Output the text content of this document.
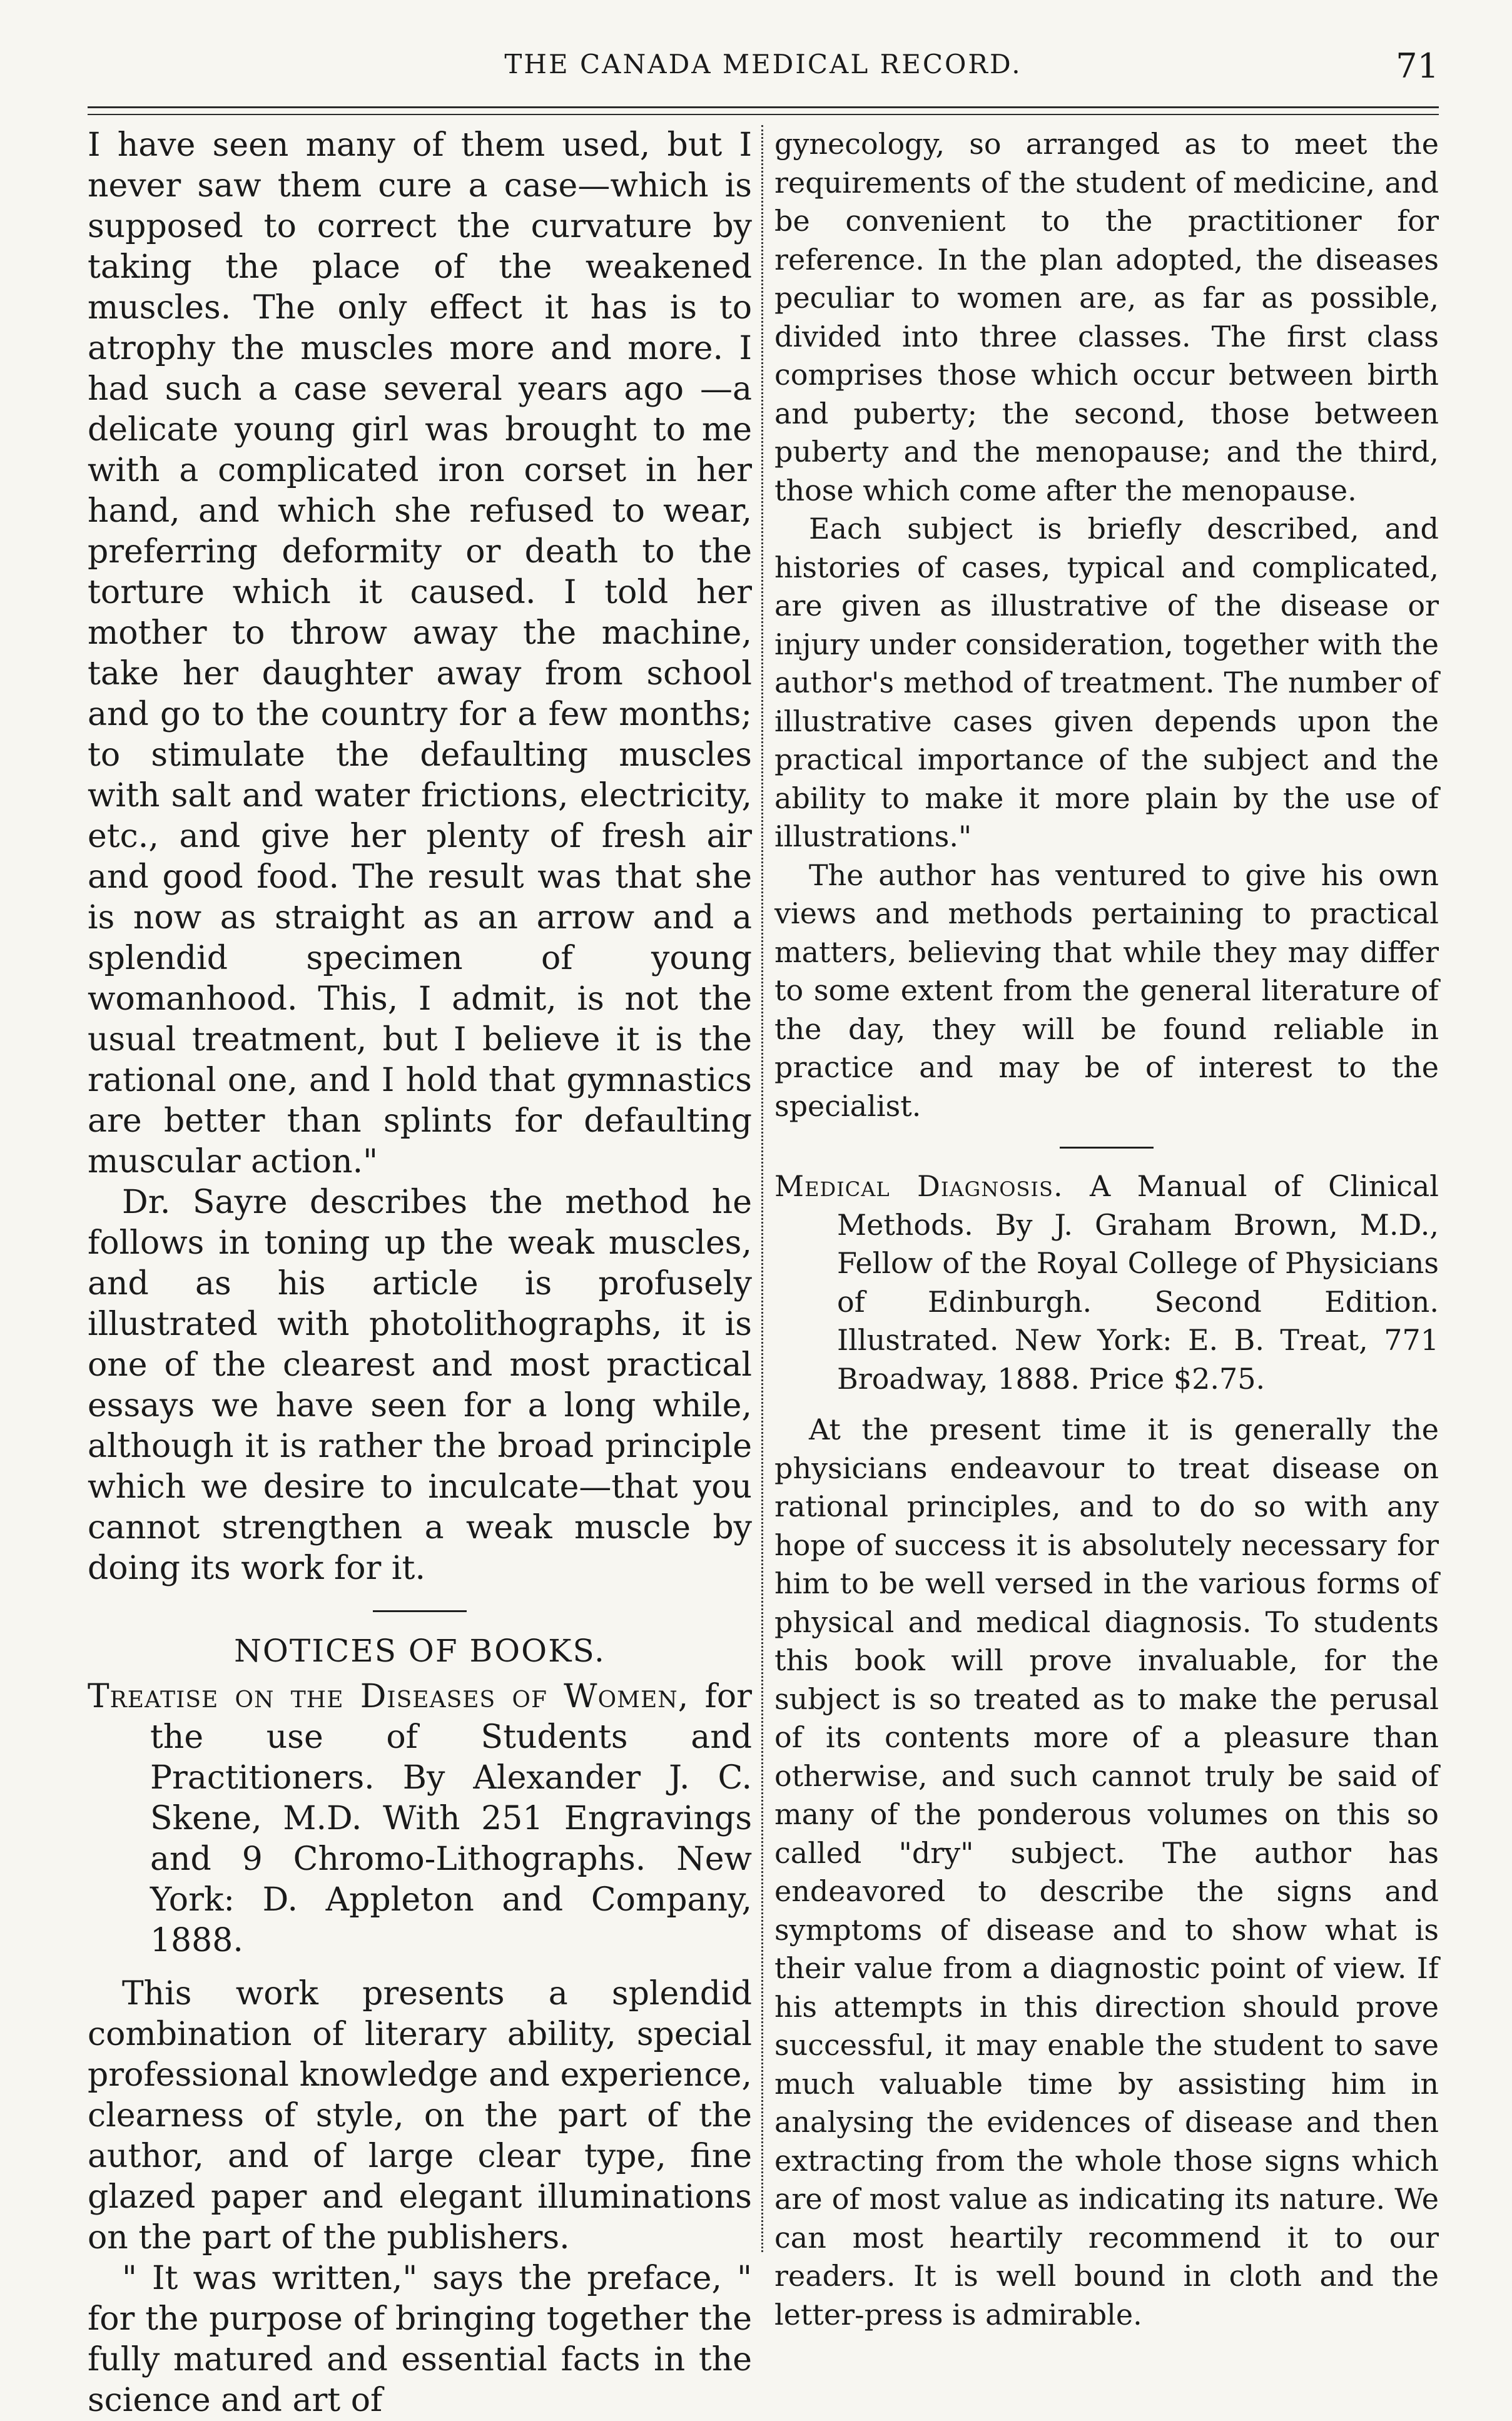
THE CANADA MEDICAL RECORD.	71

I have seen many of them used, but I never saw them cure a case—which is supposed to correct the curvature by taking the place of the weakened muscles. The only effect it has is to atrophy the muscles more and more. I had such a case several years ago —a delicate young girl was brought to me with a complicated iron corset in her hand, and which she refused to wear, preferring deformity or death to the torture which it caused. I told her mother to throw away the machine, take her daughter away from school and go to the country for a few months; to stimulate the defaulting muscles with salt and water frictions, electricity, etc., and give her plenty of fresh air and good food. The result was that she is now as straight as an arrow and a splendid specimen of young womanhood. This, I admit, is not the usual treatment, but I believe it is the rational one, and I hold that gymnastics are better than splints for defaulting muscular action."

Dr. Sayre describes the method he follows in toning up the weak muscles, and as his article is profusely illustrated with photolithographs, it is one of the clearest and most practical essays we have seen for a long while, although it is rather the broad principle which we desire to inculcate—that you cannot strengthen a weak muscle by doing its work for it.

NOTICES OF BOOKS.
Treatise on the Diseases of Women, for the use of Students and Practitioners. By Alexander J. C. Skene, M.D. With 251 Engravings and 9 Chromo-Lithographs. New York: D. Appleton and Company, 1888.

This work presents a splendid combination of literary ability, special professional knowledge and experience, clearness of style, on the part of the author, and of large clear type, fine glazed paper and elegant illuminations on the part of the publishers.

" It was written," says the preface, " for the purpose of bringing together the fully matured and essential facts in the science and art of

gynecology, so arranged as to meet the requirements of the student of medicine, and be convenient to the practitioner for reference. In the plan adopted, the diseases peculiar to women are, as far as possible, divided into three classes. The first class comprises those which occur between birth and puberty; the second, those between puberty and the menopause; and the third, those which come after the menopause.

Each subject is briefly described, and histories of cases, typical and complicated, are given as illustrative of the disease or injury under consideration, together with the author's method of treatment. The number of illustrative cases given depends upon the practical importance of the subject and the ability to make it more plain by the use of illustrations."

The author has ventured to give his own views and methods pertaining to practical matters, believing that while they may differ to some extent from the general literature of the day, they will be found reliable in practice and may be of interest to the specialist.

Medical Diagnosis. A Manual of Clinical Methods. By J. Graham Brown, M.D., Fellow of the Royal College of Physicians of Edinburgh. Second Edition. Illustrated. New York: E. B. Treat, 771 Broadway, 1888. Price $2.75.

At the present time it is generally the physicians endeavour to treat disease on rational principles, and to do so with any hope of success it is absolutely necessary for him to be well versed in the various forms of physical and medical diagnosis. To students this book will prove invaluable, for the subject is so treated as to make the perusal of its contents more of a pleasure than otherwise, and such cannot truly be said of many of the ponderous volumes on this so called "dry" subject. The author has endeavored to describe the signs and symptoms of disease and to show what is their value from a diagnostic point of view. If his attempts in this direction should prove successful, it may enable the student to save much valuable time by assisting him in analysing the evidences of disease and then extracting from the whole those signs which are of most value as indicating its nature. We can most heartily recommend it to our readers. It is well bound in cloth and the letter-press is admirable.
